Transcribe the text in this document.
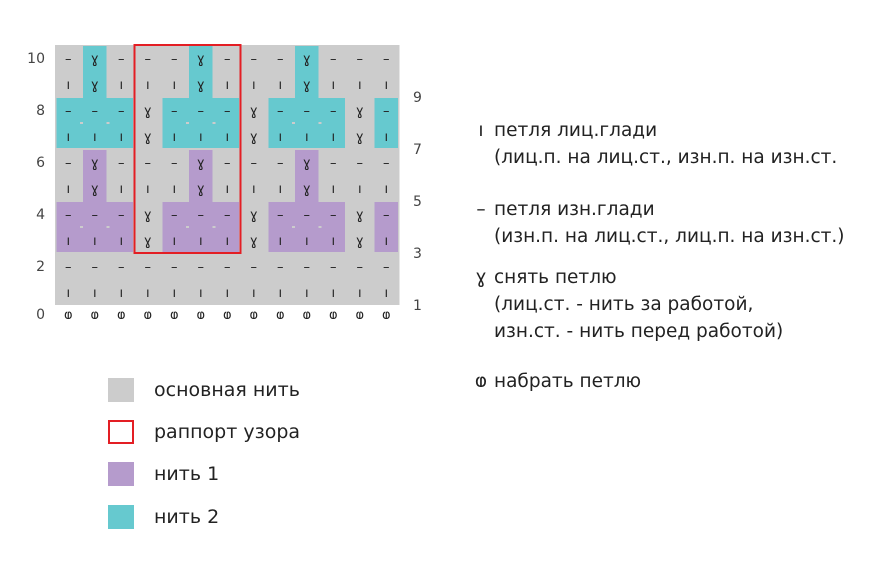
– ɣ – – – ɣ – – – ɣ – – –
ı ɣ ı ı ı ɣ ı ı ı ɣ ı ı ı
– – – ɣ – – – ɣ – – – ɣ –
ı ı ı ɣ ı ı ı ɣ ı ı ı ɣ ı
– ɣ – – – ɣ – – – ɣ – – –
ı ɣ ı ı ı ɣ ı ı ı ɣ ı ı ı
– – – ɣ – – – ɣ – – – ɣ –
ı ı ı ɣ ı ı ı ɣ ı ı ı ɣ ı
– – – – – – – – – – – – –
ı ı ı ı ı ı ı ı ı ı ı ı ı
ⱷ ⱷ ⱷ ⱷ ⱷ ⱷ ⱷ ⱷ ⱷ ⱷ ⱷ ⱷ ⱷ
10
8
6
4
2
0
9
7
5
3
1
ı петля лиц.глади
(лиц.п. на лиц.ст., изн.п. на изн.ст.
– петля изн.глади
(изн.п. на лиц.ст., лиц.п. на изн.ст.)
ɣ снять петлю
(лиц.ст. - нить за работой,
изн.ст. - нить перед работой)
ⱷ набрать петлю
основная нить
раппорт узора
нить 1
нить 2
